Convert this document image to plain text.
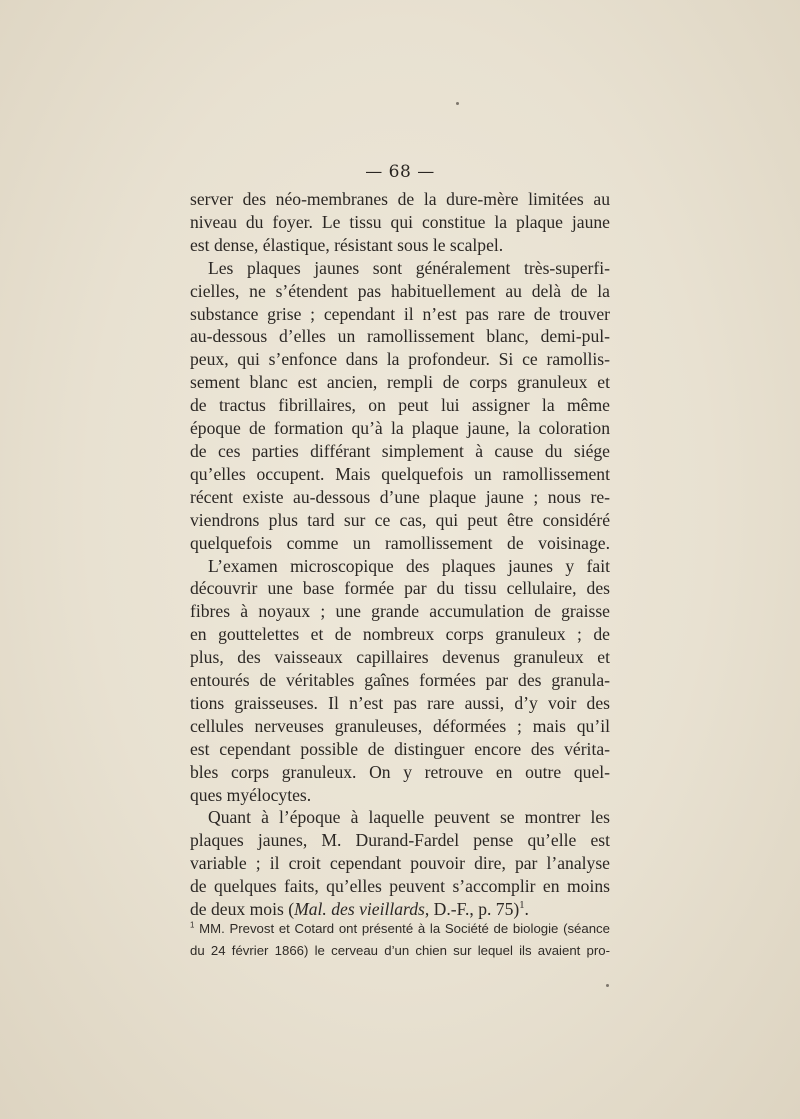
— 68 —

server des néo-membranes de la dure-mère limitées au
niveau du foyer. Le tissu qui constitue la plaque jaune
est dense, élastique, résistant sous le scalpel.

Les plaques jaunes sont généralement très-superfi-
cielles, ne s’étendent pas habituellement au delà de la
substance grise ; cependant il n’est pas rare de trouver
au-dessous d’elles un ramollissement blanc, demi-pul-
peux, qui s’enfonce dans la profondeur. Si ce ramollis-
sement blanc est ancien, rempli de corps granuleux et
de tractus fibrillaires, on peut lui assigner la même
époque de formation qu’à la plaque jaune, la coloration
de ces parties différant simplement à cause du siége
qu’elles occupent. Mais quelquefois un ramollissement
récent existe au-dessous d’une plaque jaune ; nous re-
viendrons plus tard sur ce cas, qui peut être considéré
quelquefois comme un ramollissement de voisinage.

L’examen microscopique des plaques jaunes y fait
découvrir une base formée par du tissu cellulaire, des
fibres à noyaux ; une grande accumulation de graisse
en gouttelettes et de nombreux corps granuleux ; de
plus, des vaisseaux capillaires devenus granuleux et
entourés de véritables gaînes formées par des granula-
tions graisseuses. Il n’est pas rare aussi, d’y voir des
cellules nerveuses granuleuses, déformées ; mais qu’il
est cependant possible de distinguer encore des vérita-
bles corps granuleux. On y retrouve en outre quel-
ques myélocytes.

Quant à l’époque à laquelle peuvent se montrer les
plaques jaunes, M. Durand-Fardel pense qu’elle est
variable ; il croit cependant pouvoir dire, par l’analyse
de quelques faits, qu’elles peuvent s’accomplir en moins
de deux mois (Mal. des vieillards, D.-F., p. 75)$^1$.

$^1$ MM. Prevost et Cotard ont présenté à la Société de biologie (séance
du 24 février 1866) le cerveau d’un chien sur lequel ils avaient pro-
